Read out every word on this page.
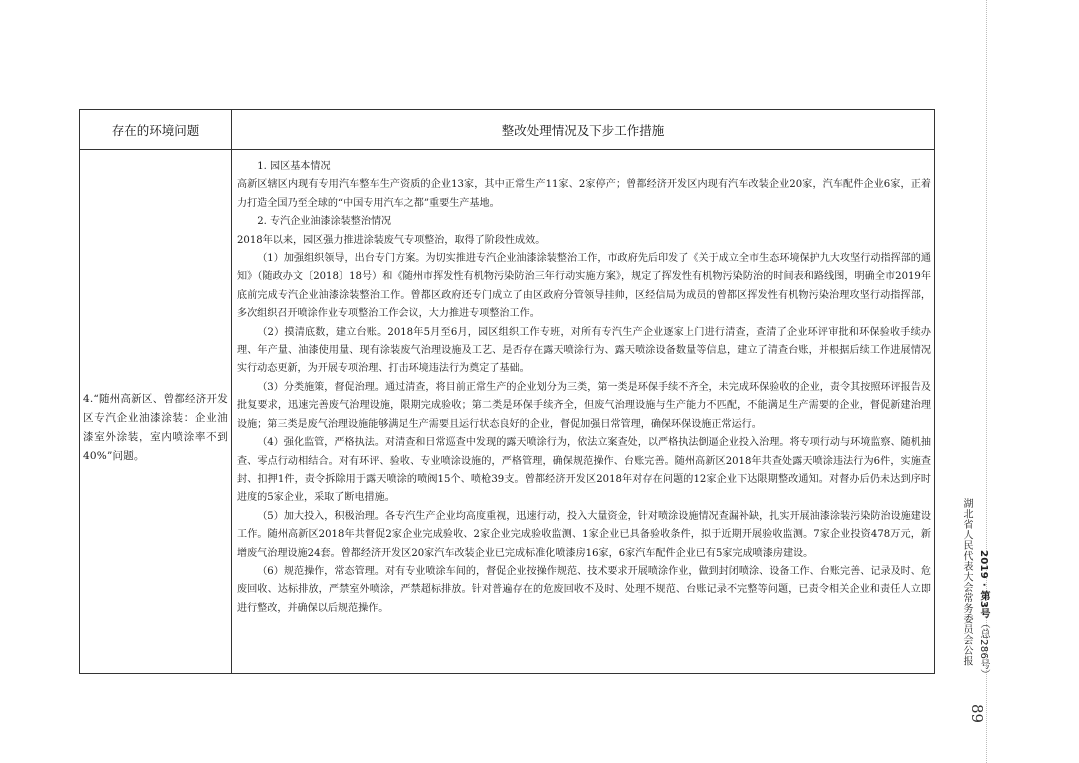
存在的环境问题	整改处理情况及下步工作措施
4.“随州高新区、曾都经济开发区专汽企业油漆涂装：企业油漆室外涂装，室内喷涂率不到40%”问题。

1. 园区基本情况

高新区辖区内现有专用汽车整车生产资质的企业13家，其中正常生产11家、2家停产；曾都经济开发区内现有汽车改装企业20家，汽车配件企业6家，正着力打造全国乃至全球的“中国专用汽车之都”重要生产基地。

2. 专汽企业油漆涂装整治情况

2018年以来，园区强力推进涂装废气专项整治，取得了阶段性成效。

（1）加强组织领导，出台专门方案。为切实推进专汽企业油漆涂装整治工作，市政府先后印发了《关于成立全市生态环境保护九大攻坚行动指挥部的通知》（随政办文〔2018〕18号）和《随州市挥发性有机物污染防治三年行动实施方案》，规定了挥发性有机物污染防治的时间表和路线图，明确全市2019年底前完成专汽企业油漆涂装整治工作。曾都区政府还专门成立了由区政府分管领导挂帅，区经信局为成员的曾都区挥发性有机物污染治理攻坚行动指挥部，多次组织召开喷涂作业专项整治工作会议，大力推进专项整治工作。

（2）摸清底数，建立台账。2018年5月至6月，园区组织工作专班，对所有专汽生产企业逐家上门进行清查，查清了企业环评审批和环保验收手续办理、年产量、油漆使用量、现有涂装废气治理设施及工艺、是否存在露天喷涂行为、露天喷涂设备数量等信息，建立了清查台账，并根据后续工作进展情况实行动态更新，为开展专项治理、打击环境违法行为奠定了基础。

（3）分类施策，督促治理。通过清查，将目前正常生产的企业划分为三类，第一类是环保手续不齐全，未完成环保验收的企业，责令其按照环评报告及批复要求，迅速完善废气治理设施，限期完成验收；第二类是环保手续齐全，但废气治理设施与生产能力不匹配，不能满足生产需要的企业，督促新建治理设施；第三类是废气治理设施能够满足生产需要且运行状态良好的企业，督促加强日常管理，确保环保设施正常运行。

（4）强化监管，严格执法。对清查和日常巡查中发现的露天喷涂行为，依法立案查处，以严格执法倒逼企业投入治理。将专项行动与环境监察、随机抽查、零点行动相结合。对有环评、验收、专业喷涂设施的，严格管理，确保规范操作、台账完善。随州高新区2018年共查处露天喷涂违法行为6件，实施查封、扣押1件，责令拆除用于露天喷涂的喷阀15个、喷枪39支。曾都经济开发区2018年对存在问题的12家企业下达限期整改通知。对督办后仍未达到序时进度的5家企业，采取了断电措施。

（5）加大投入，积极治理。各专汽生产企业均高度重视，迅速行动，投入大量资金，针对喷涂设施情况查漏补缺，扎实开展油漆涂装污染防治设施建设工作。随州高新区2018年共督促2家企业完成验收、2家企业完成验收监测、1家企业已具备验收条件，拟于近期开展验收监测。7家企业投资478万元，新增废气治理设施24套。曾都经济开发区20家汽车改装企业已完成标准化喷漆房16家，6家汽车配件企业已有5家完成喷漆房建设。

（6）规范操作，常态管理。对有专业喷涂车间的，督促企业按操作规范、技术要求开展喷涂作业，做到封闭喷涂、设备工作、台账完善、记录及时、危废回收、达标排放，严禁室外喷涂，严禁超标排放。针对普遍存在的危废回收不及时、处理不规范、台账记录不完整等问题，已责令相关企业和责任人立即进行整改，并确保以后规范操作。	湖北省人民代表大会常务委员会公报 2019 · 第3号（总286号）
89
